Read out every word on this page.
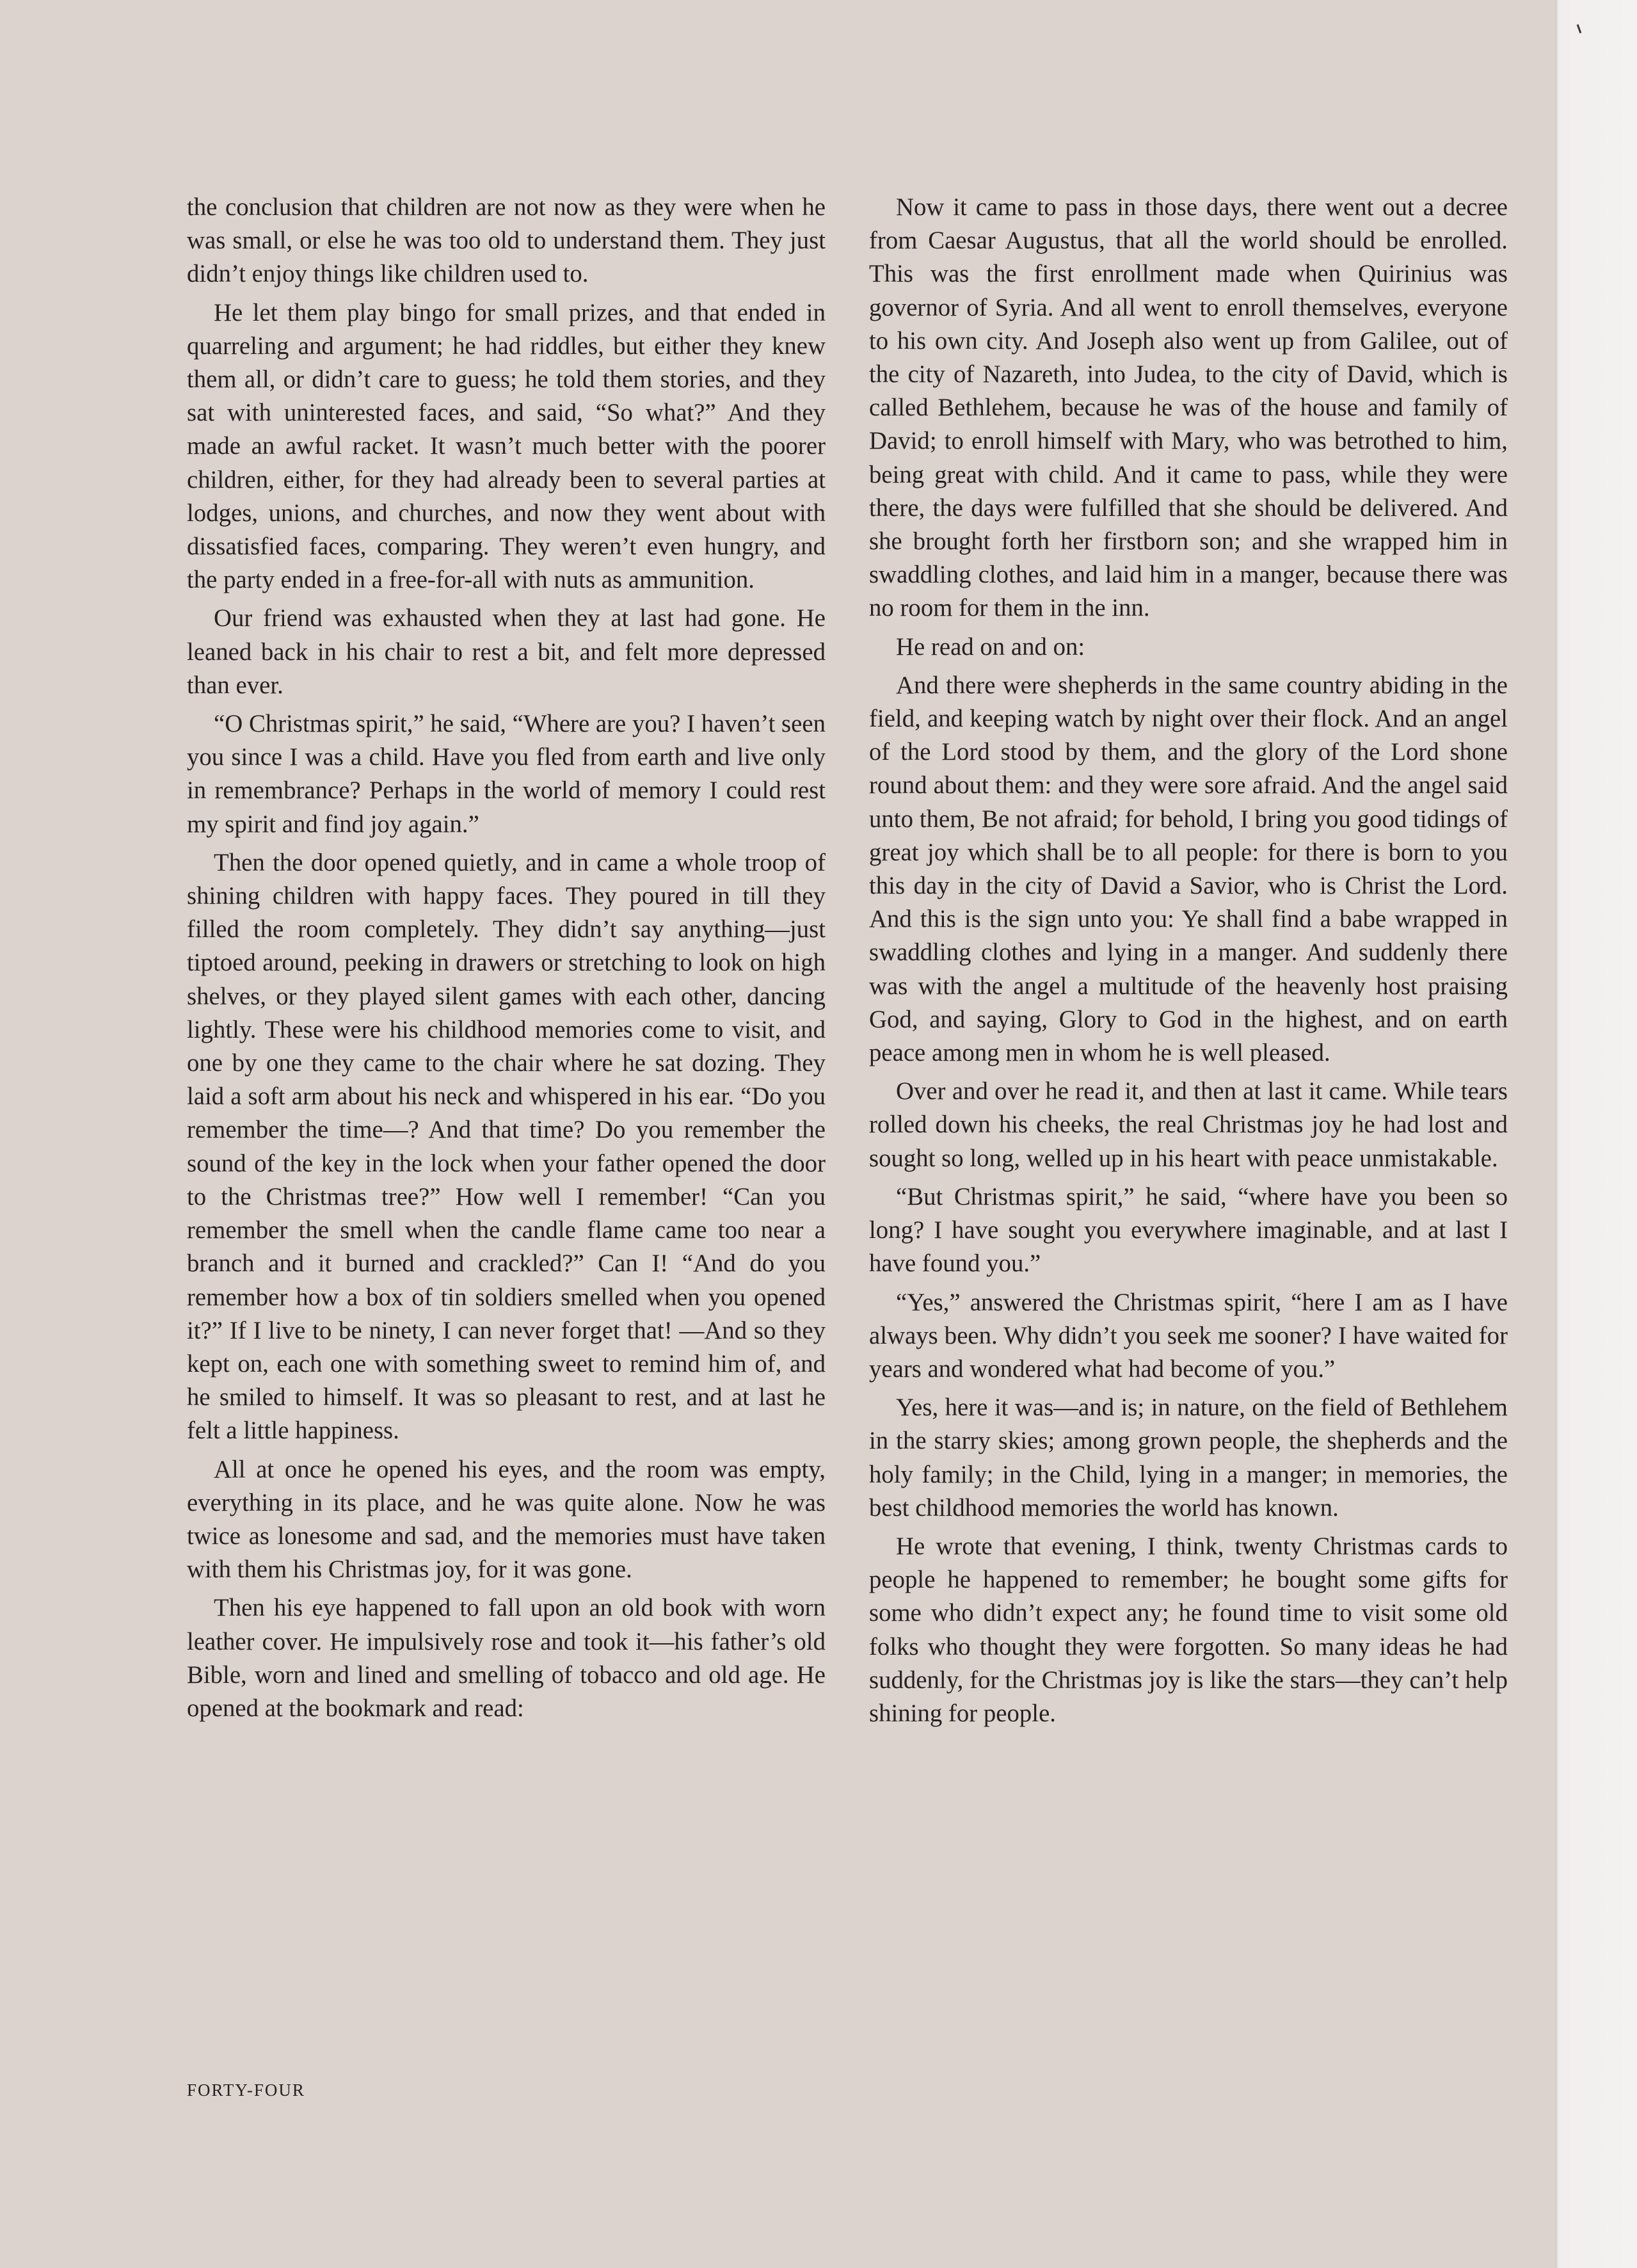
the conclusion that children are not now as they were when he was small, or else he was too old to understand them. They just didn’t enjoy things like children used to.

He let them play bingo for small prizes, and that ended in quarreling and argument; he had riddles, but either they knew them all, or didn’t care to guess; he told them stories, and they sat with uninterested faces, and said, “So what?” And they made an awful racket. It wasn’t much better with the poorer children, either, for they had already been to several parties at lodges, unions, and churches, and now they went about with dissatisfied faces, comparing. They weren’t even hungry, and the party ended in a free-for-all with nuts as ammunition.

Our friend was exhausted when they at last had gone. He leaned back in his chair to rest a bit, and felt more depressed than ever.

“O Christmas spirit,” he said, “Where are you? I haven’t seen you since I was a child. Have you fled from earth and live only in remembrance? Perhaps in the world of memory I could rest my spirit and find joy again.”

Then the door opened quietly, and in came a whole troop of shining children with happy faces. They poured in till they filled the room completely. They didn’t say anything—just tiptoed around, peeking in drawers or stretching to look on high shelves, or they played silent games with each other, dancing lightly. These were his childhood memories come to visit, and one by one they came to the chair where he sat dozing. They laid a soft arm about his neck and whispered in his ear. “Do you remember the time—? And that time? Do you remember the sound of the key in the lock when your father opened the door to the Christmas tree?” How well I remember! “Can you remember the smell when the candle flame came too near a branch and it burned and crackled?” Can I! “And do you remember how a box of tin soldiers smelled when you opened it?” If I live to be ninety, I can never forget that! —And so they kept on, each one with something sweet to remind him of, and he smiled to himself. It was so pleasant to rest, and at last he felt a little happiness.

All at once he opened his eyes, and the room was empty, everything in its place, and he was quite alone. Now he was twice as lonesome and sad, and the memories must have taken with them his Christmas joy, for it was gone.

Then his eye happened to fall upon an old book with worn leather cover. He impulsively rose and took it—his father’s old Bible, worn and lined and smelling of tobacco and old age. He opened at the bookmark and read:

Now it came to pass in those days, there went out a decree from Caesar Augustus, that all the world should be enrolled. This was the first enrollment made when Quirinius was governor of Syria. And all went to enroll themselves, everyone to his own city. And Joseph also went up from Galilee, out of the city of Nazareth, into Judea, to the city of David, which is called Bethlehem, because he was of the house and family of David; to enroll himself with Mary, who was betrothed to him, being great with child. And it came to pass, while they were there, the days were fulfilled that she should be delivered. And she brought forth her firstborn son; and she wrapped him in swaddling clothes, and laid him in a manger, because there was no room for them in the inn.

He read on and on:

And there were shepherds in the same country abiding in the field, and keeping watch by night over their flock. And an angel of the Lord stood by them, and the glory of the Lord shone round about them: and they were sore afraid. And the angel said unto them, Be not afraid; for behold, I bring you good tidings of great joy which shall be to all people: for there is born to you this day in the city of David a Savior, who is Christ the Lord. And this is the sign unto you: Ye shall find a babe wrapped in swaddling clothes and lying in a manger. And suddenly there was with the angel a multitude of the heavenly host praising God, and saying, Glory to God in the highest, and on earth peace among men in whom he is well pleased.

Over and over he read it, and then at last it came. While tears rolled down his cheeks, the real Christmas joy he had lost and sought so long, welled up in his heart with peace unmistakable.

“But Christmas spirit,” he said, “where have you been so long? I have sought you everywhere imaginable, and at last I have found you.”

“Yes,” answered the Christmas spirit, “here I am as I have always been. Why didn’t you seek me sooner? I have waited for years and wondered what had become of you.”

Yes, here it was—and is; in nature, on the field of Bethlehem in the starry skies; among grown people, the shepherds and the holy family; in the Child, lying in a manger; in memories, the best childhood memories the world has known.

He wrote that evening, I think, twenty Christmas cards to people he happened to remember; he bought some gifts for some who didn’t expect any; he found time to visit some old folks who thought they were forgotten. So many ideas he had suddenly, for the Christmas joy is like the stars—they can’t help shining for people.

FORTY-FOUR
